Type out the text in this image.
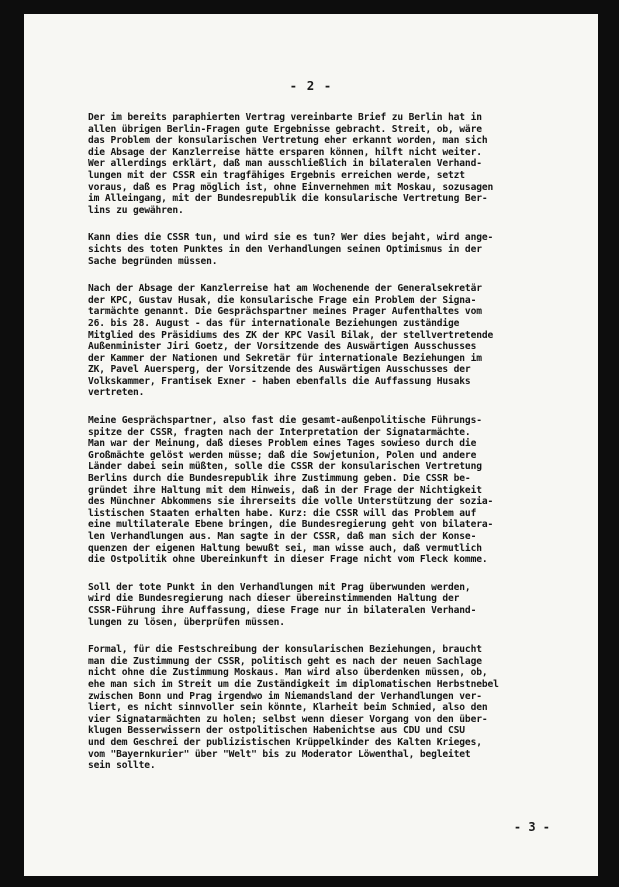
- 2 -
Der im bereits paraphierten Vertrag vereinbarte Brief zu Berlin hat in
allen übrigen Berlin-Fragen gute Ergebnisse gebracht. Streit, ob, wäre
das Problem der konsularischen Vertretung eher erkannt worden, man sich
die Absage der Kanzlerreise hätte ersparen können, hilft nicht weiter.
Wer allerdings erklärt, daß man ausschließlich in bilateralen Verhand-
lungen mit der CSSR ein tragfähiges Ergebnis erreichen werde, setzt
voraus, daß es Prag möglich ist, ohne Einvernehmen mit Moskau, sozusagen
im Alleingang, mit der Bundesrepublik die konsularische Vertretung Ber-
lins zu gewähren.
Kann dies die CSSR tun, und wird sie es tun? Wer dies bejaht, wird ange-
sichts des toten Punktes in den Verhandlungen seinen Optimismus in der
Sache begründen müssen.
Nach der Absage der Kanzlerreise hat am Wochenende der Generalsekretär
der KPC, Gustav Husak, die konsularische Frage ein Problem der Signa-
tarmächte genannt. Die Gesprächspartner meines Prager Aufenthaltes vom
26. bis 28. August - das für internationale Beziehungen zuständige
Mitglied des Präsidiums des ZK der KPC Vasil Bilak, der stellvertretende
Außenminister Jiri Goetz, der Vorsitzende des Auswärtigen Ausschusses
der Kammer der Nationen und Sekretär für internationale Beziehungen im
ZK, Pavel Auersperg, der Vorsitzende des Auswärtigen Ausschusses der
Volkskammer, Frantisek Exner - haben ebenfalls die Auffassung Husaks
vertreten.
Meine Gesprächspartner, also fast die gesamt-außenpolitische Führungs-
spitze der CSSR, fragten nach der Interpretation der Signatarmächte.
Man war der Meinung, daß dieses Problem eines Tages sowieso durch die
Großmächte gelöst werden müsse; daß die Sowjetunion, Polen und andere
Länder dabei sein müßten, solle die CSSR der konsularischen Vertretung
Berlins durch die Bundesrepublik ihre Zustimmung geben. Die CSSR be-
gründet ihre Haltung mit dem Hinweis, daß in der Frage der Nichtigkeit
des Münchner Abkommens sie ihrerseits die volle Unterstützung der sozia-
listischen Staaten erhalten habe. Kurz: die CSSR will das Problem auf
eine multilaterale Ebene bringen, die Bundesregierung geht von bilatera-
len Verhandlungen aus. Man sagte in der CSSR, daß man sich der Konse-
quenzen der eigenen Haltung bewußt sei, man wisse auch, daß vermutlich
die Ostpolitik ohne Übereinkunft in dieser Frage nicht vom Fleck komme.
Soll der tote Punkt in den Verhandlungen mit Prag überwunden werden,
wird die Bundesregierung nach dieser übereinstimmenden Haltung der
CSSR-Führung ihre Auffassung, diese Frage nur in bilateralen Verhand-
lungen zu lösen, überprüfen müssen.
Formal, für die Festschreibung der konsularischen Beziehungen, braucht
man die Zustimmung der CSSR, politisch geht es nach der neuen Sachlage
nicht ohne die Zustimmung Moskaus. Man wird also überdenken müssen, ob,
ehe man sich im Streit um die Zuständigkeit im diplomatischen Herbstnebel
zwischen Bonn und Prag irgendwo im Niemandsland der Verhandlungen ver-
liert, es nicht sinnvoller sein könnte, Klarheit beim Schmied, also den
vier Signatarmächten zu holen; selbst wenn dieser Vorgang von den über-
klugen Besserwissern der ostpolitischen Habenichtse aus CDU und CSU
und dem Geschrei der publizistischen Krüppelkinder des Kalten Krieges,
vom "Bayernkurier" über "Welt" bis zu Moderator Löwenthal, begleitet
sein sollte.
- 3 -
